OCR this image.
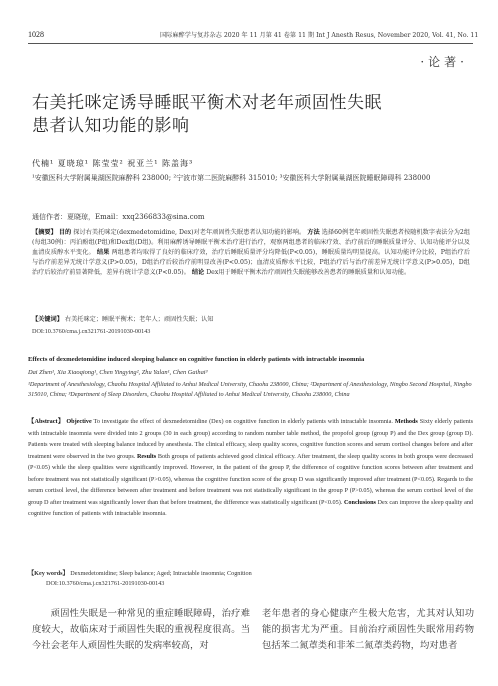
1028	国际麻醉学与复苏杂志 2020 年 11 月第 41 卷第 11 期 Int J Anesth Resus, November 2020, Vol. 41, No. 11
·论著·
右美托咪定诱导睡眠平衡术对老年顽固性失眠
患者认知功能的影响
代楠¹ 夏晓琼¹ 陈莹莹² 祝亚兰¹ 陈盖海³
¹安徽医科大学附属巢湖医院麻醉科 238000; ²宁波市第二医院麻醉科 315010; ³安徽医科大学附属巢湖医院睡眠障碍科 238000
通信作者：夏晓琼，Email：xxq2366833@sina.com
【摘要】 目的 探讨右美托咪定(dexmedetomidine, Dex)对老年顽固性失眠患者认知功能的影响。 方法 选择60例老年顽固性失眠患者按随机数字表法分为2组(每组30例)：丙泊酚组(P组)和Dex组(D组)。利用麻醉诱导睡眠平衡术治疗进行治疗，观察两组患者的临床疗效、治疗前后的睡眠质量评分、认知功能评分以及血清皮质醇水平变化。 结果 两组患者均取得了良好的临床疗效，治疗后睡眠质量评分均降低(P<0.05)，睡眠质量均明显提高。认知功能评分比较，P组治疗后与治疗前差异无统计学意义(P>0.05)，D组治疗后较治疗前明显改善(P<0.05)；血清皮质醇水平比较，P组治疗后与治疗前差异无统计学意义(P>0.05)，D组治疗后较治疗前显著降低，差异有统计学意义(P<0.05)。 结论 Dex用于睡眠平衡术治疗顽固性失眠能够改善患者的睡眠质量和认知功能。
【关键词】 右美托咪定；睡眠平衡术；老年人；顽固性失眠；认知
DOI:10.3760/cma.j.cn321761-20191030-00143
Effects of dexmedetomidine induced sleeping balance on cognitive function in elderly patients with intractable insomnia
Dai Zhen¹, Xia Xiaoqiong¹, Chen Yingying², Zhu Yalan¹, Chen Gaihai³
¹Department of Anesthesiology, Chaohu Hospital Affiliated to Anhui Medical University, Chaohu 238000, China; ²Department of Anesthesiology, Ningbo Second Hospital, Ningbo 315010, China; ³Department of Sleep Disorders, Chaohu Hospital Affiliated to Anhui Medical University, Chaohu 238000, China
【Abstract】 Objective To investigate the effect of dexmedetomidine (Dex) on cognitive function in elderly patients with intractable insomnia. Methods Sixty elderly patients with intractable insomnia were divided into 2 groups (30 in each group) according to random number table method, the propofol group (group P) and the Dex group (group D). Patients were treated with sleeping balance induced by anesthesia. The clinical efficacy, sleep quality scores, cognitive function scores and serum cortisol changes before and after treatment were observed in the two groups. Results Both groups of patients achieved good clinical efficacy. After treatment, the sleep quality scores in both groups were decreased (P<0.05) while the sleep qualities were significantly improved. However, in the patient of the group P, the difference of cognitive function scores between after treatment and before treatment was not statistically significant (P>0.05), whereas the cognitive function score of the group D was significantly improved after treatment (P<0.05). Regards to the serum cortisol level, the difference between after treatment and before treatment was not statistically significant in the group P (P>0.05), whereas the serum cortisol level of the group D after treatment was significantly lower than that before treatment, the difference was statistically significant (P<0.05). Conclusions Dex can improve the sleep quality and cognitive function of patients with intractable insomnia.
【Key words】 Dexmedetomidine; Sleep balance; Aged; Intractable insomnia; Cognition
DOI:10.3760/cma.j.cn321761-20191030-00143
顽固性失眠是一种常见的重症睡眠障碍，治疗难度较大，故临床对于顽固性失眠的重视程度很高。当今社会老年人顽固性失眠的发病率较高，对
老年患者的身心健康产生极大危害，尤其对认知功能的损害尤为严重。目前治疗顽固性失眠常用药物包括苯二氮䓬类和非苯二氮䓬类药物，均对患者
